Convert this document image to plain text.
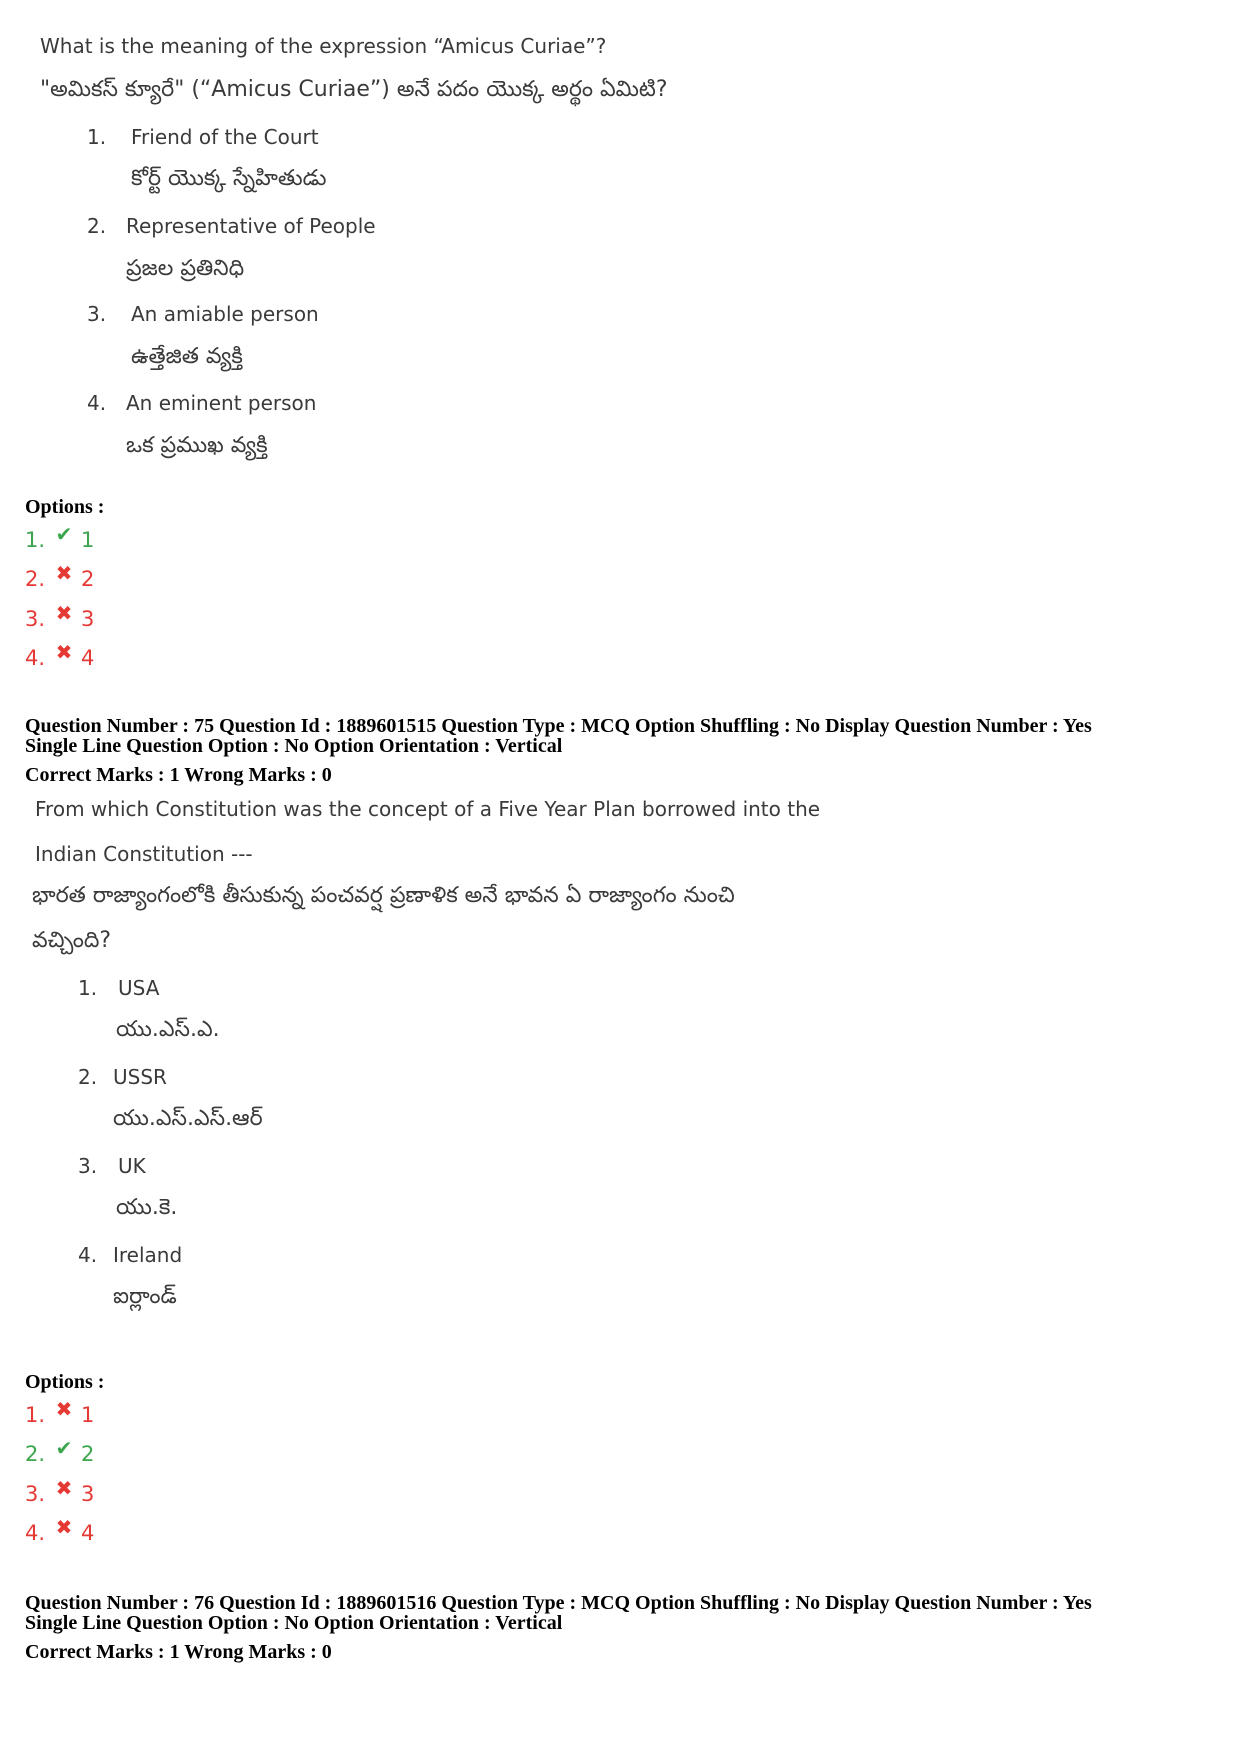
What is the meaning of the expression “Amicus Curiae”?
"అమికస్ క్యూరే" (“Amicus Curiae”) అనే పదం యొక్క అర్థం ఏమిటి?
1. Friend of the Court
కోర్ట్ యొక్క స్నేహితుడు
2. Representative of People
ప్రజల ప్రతినిధి
3. An amiable person
ఉత్తేజిత వ్యక్తి
4. An eminent person
ఒక ప్రముఖ వ్యక్తి
Options :
1. ✔ 1
2. ✖ 2
3. ✖ 3
4. ✖ 4
Question Number : 75 Question Id : 1889601515 Question Type : MCQ Option Shuffling : No Display Question Number : Yes
Single Line Question Option : No Option Orientation : Vertical
Correct Marks : 1 Wrong Marks : 0
From which Constitution was the concept of a Five Year Plan borrowed into the
Indian Constitution ---
భారత రాజ్యాంగంలోకి తీసుకున్న పంచవర్ష ప్రణాళిక అనే భావన ఏ రాజ్యాంగం నుంచి
వచ్చింది?
1. USA
యు.ఎస్.ఎ.
2. USSR
యు.ఎస్.ఎస్.ఆర్
3. UK
యు.కె.
4. Ireland
ఐర్లాండ్
Options :
1. ✖ 1
2. ✔ 2
3. ✖ 3
4. ✖ 4
Question Number : 76 Question Id : 1889601516 Question Type : MCQ Option Shuffling : No Display Question Number : Yes
Single Line Question Option : No Option Orientation : Vertical
Correct Marks : 1 Wrong Marks : 0
